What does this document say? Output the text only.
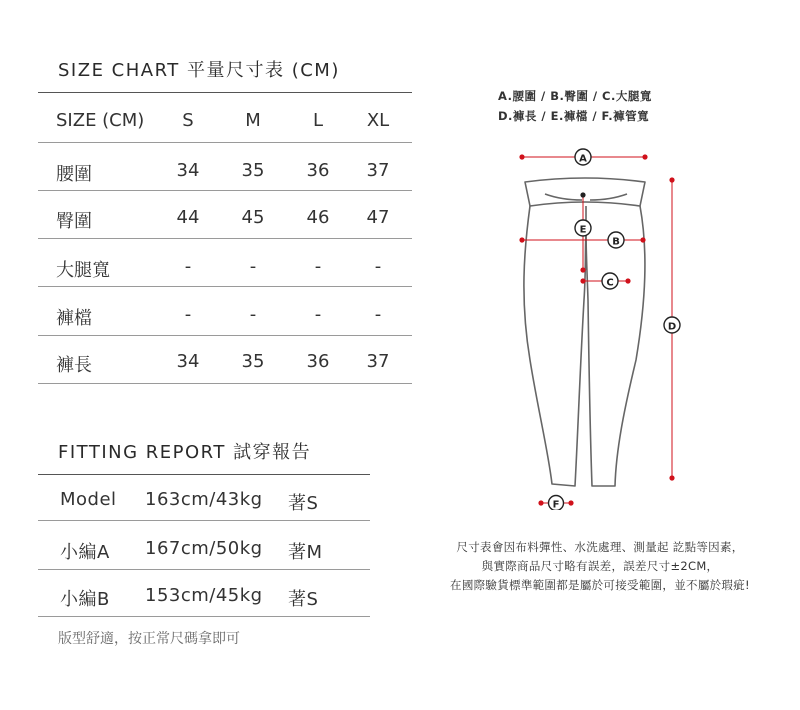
SIZE CHART 平量尺寸表 (CM)
SIZE (CM)	S	M	L	XL
腰圍	34	35	36	37
臀圍	44	45	46	47
大腿寬	-	-	-	-
褲檔	-	-	-	-
褲長	34	35	36	37
FITTING REPORT 試穿報告
Model 163cm/43kg 著S
小編A 167cm/50kg 著M
小編B 153cm/45kg 著S
版型舒適，按正常尺碼拿即可
A.腰圍 / B.臀圍 / C.大腿寬
D.褲長 / E.褲檔 / F.褲管寬
A
B
E
C
D
F
尺寸表會因布料彈性、水洗處理、測量起 訖點等因素，
與實際商品尺寸略有誤差，誤差尺寸±2CM，
在國際驗貨標準範圍都是屬於可接受範圍，並不屬於瑕疵!
